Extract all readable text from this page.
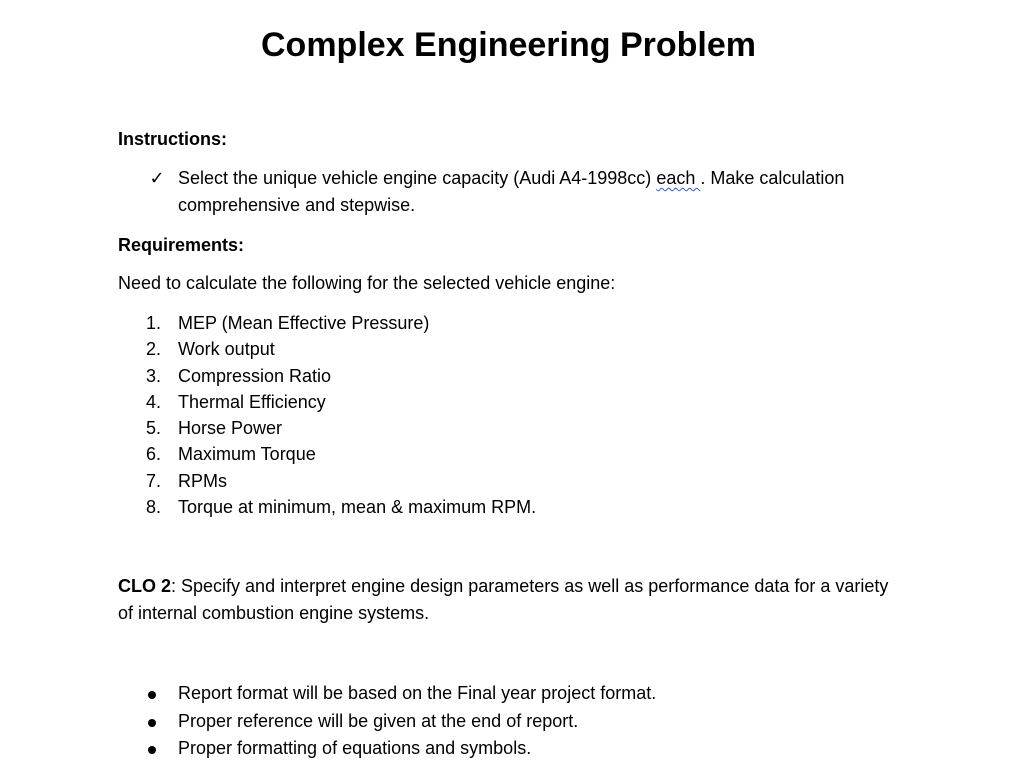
Complex Engineering Problem
Instructions:
✓ Select the unique vehicle engine capacity (Audi A4-1998cc) each . Make calculation comprehensive and stepwise.
Requirements:
Need to calculate the following for the selected vehicle engine:
1. MEP (Mean Effective Pressure)
2. Work output
3. Compression Ratio
4. Thermal Efficiency
5. Horse Power
6. Maximum Torque
7. RPMs
8. Torque at minimum, mean & maximum RPM.
CLO 2: Specify and interpret engine design parameters as well as performance data for a variety of internal combustion engine systems.
Report format will be based on the Final year project format.
Proper reference will be given at the end of report.
Proper formatting of equations and symbols.
